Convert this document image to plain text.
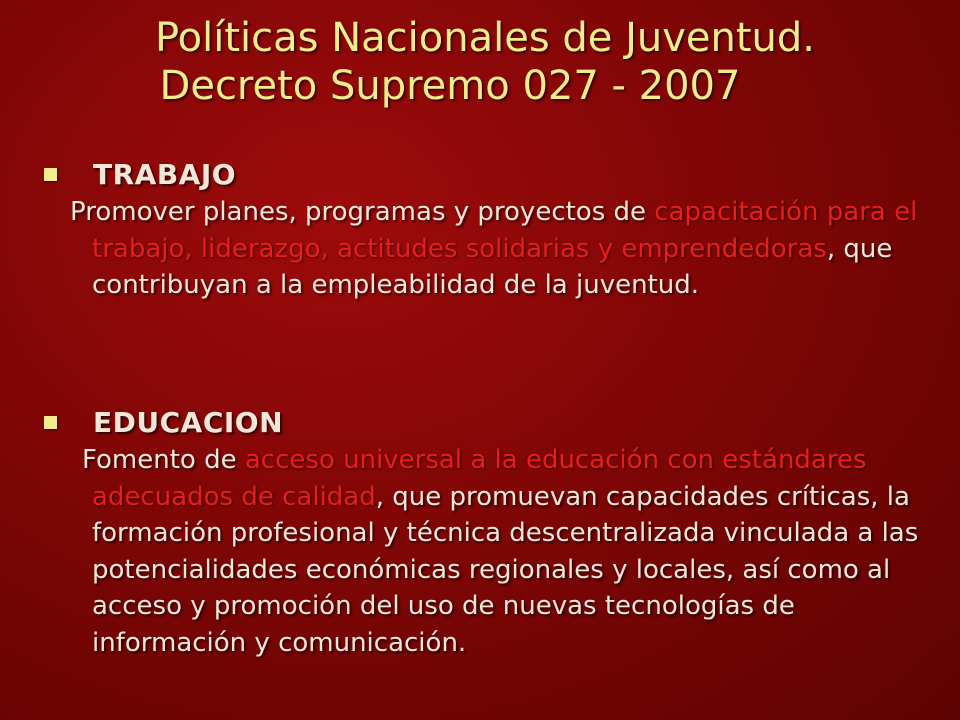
Políticas Nacionales de Juventud.
Decreto Supremo 027 - 2007
TRABAJO
Promover planes, programas y proyectos de capacitación para el trabajo, liderazgo, actitudes solidarias y emprendedoras, que contribuyan a la empleabilidad de la juventud.
EDUCACION
Fomento de acceso universal a la educación con estándares adecuados de calidad, que promuevan capacidades críticas, la formación profesional y técnica descentralizada vinculada a las potencialidades económicas regionales y locales, así como al acceso y promoción del uso de nuevas tecnologías de información y comunicación.
